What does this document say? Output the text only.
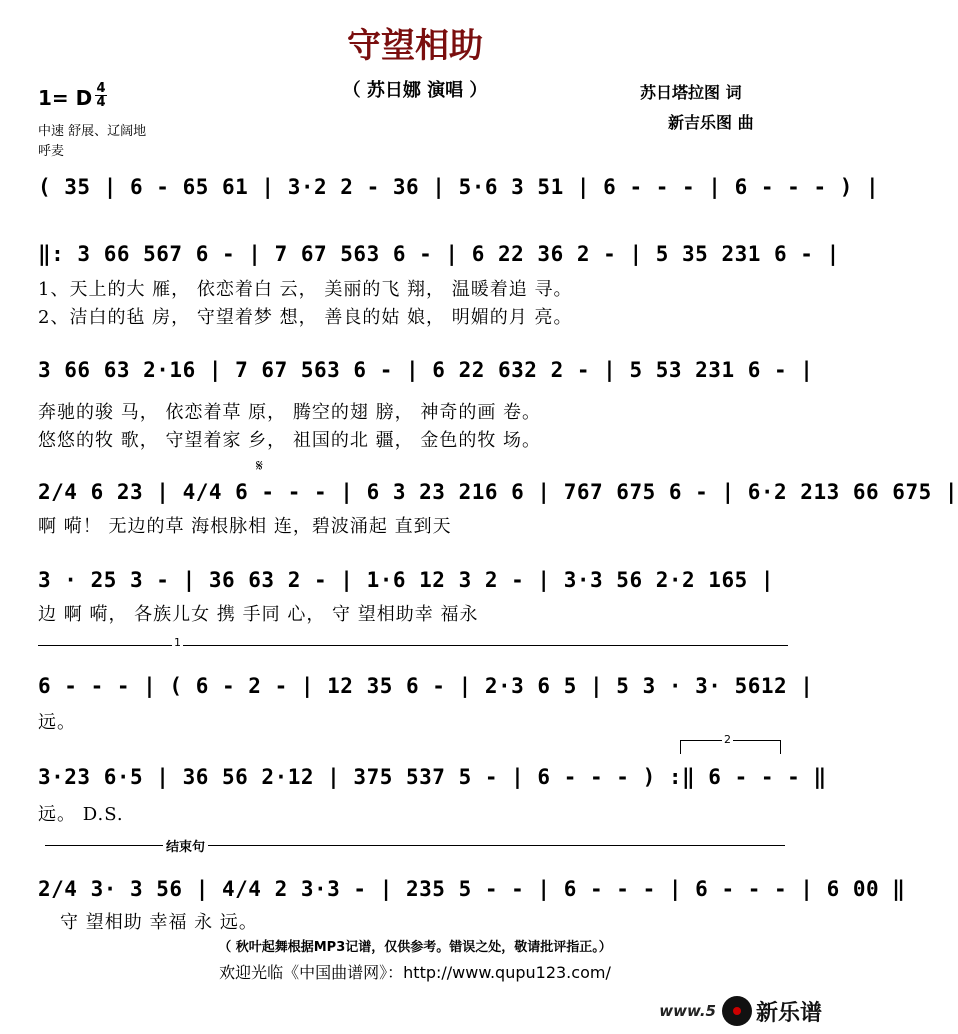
守望相助
（ 苏日娜 演唱 ）
1= D 4
4
中速 舒展、辽阔地
呼麦
苏日塔拉图 词
新吉乐图 曲
( 35 | 6 - 65 61 | 3·2 2 - 36 | 5·6 3 51 | 6 - - - | 6 - - - ) |
‖: 3 66 567 6 - | 7 67 563 6 - | 6 22 36 2 - | 5 35 231 6 - |
1、天上的大 雁， 依恋着白 云， 美丽的飞 翔， 温暖着追 寻。
2、洁白的毡 房， 守望着梦 想， 善良的姑 娘， 明媚的月 亮。
3 66 63 2·16 | 7 67 563 6 - | 6 22 632 2 - | 5 53 231 6 - |
奔驰的骏 马， 依恋着草 原， 腾空的翅 膀， 神奇的画 卷。
悠悠的牧 歌， 守望着家 乡， 祖国的北 疆， 金色的牧 场。
𝄋
2/4 6 23 | 4/4 6 - - - | 6 3 23 216 6 | 767 675 6 - | 6·2 213 66 675 |
啊 嗬！ 无边的草 海根脉相 连，碧波涌起 直到天
3 · 25 3 - | 36 63 2 - | 1·6 12 3 2 - | 3·3 56 2·2 165 |
边 啊 嗬， 各族儿女 携 手同 心， 守 望相助幸 福永
1
6 - - - | ( 6 - 2 - | 12 35 6 - | 2·3 6 5 | 5 3 · 3· 5612 |
远。
2
3·23 6·5 | 36 56 2·12 | 375 537 5 - | 6 - - - ) :‖ 6 - - - ‖
远。 D.S.
结束句
2/4 3· 3 56 | 4/4 2 3·3 - | 235 5 - - | 6 - - - | 6 - - - | 6 00 ‖
守 望相助 幸福 永 远。
（ 秋叶起舞根据MP3记谱，仅供参考。错误之处，敬请批评指正。）
欢迎光临《中国曲谱网》：http://www.qupu123.com/
www.5 新乐谱
